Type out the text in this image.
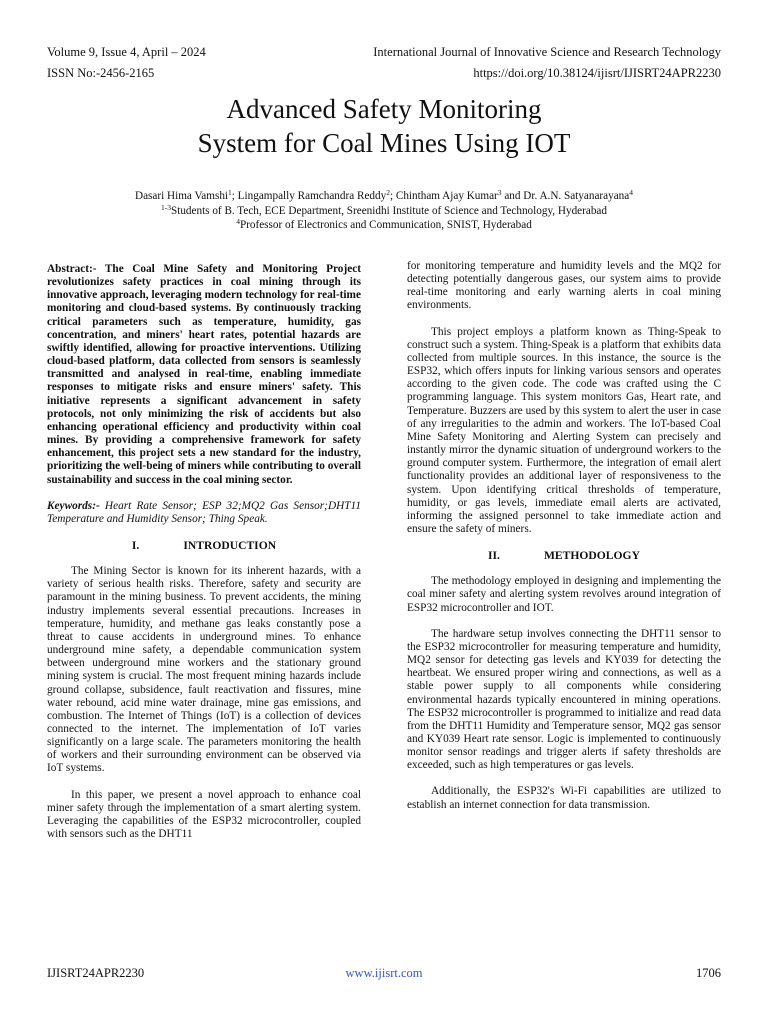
Volume 9, Issue 4, April – 2024	International Journal of Innovative Science and Research Technology
ISSN No:-2456-2165	https://doi.org/10.38124/ijisrt/IJISRT24APR2230
Advanced Safety Monitoring
System for Coal Mines Using IOT
Dasari Hima Vamshi$^1$; Lingampally Ramchandra Reddy$^2$; Chintham Ajay Kumar$^3$ and Dr. A.N. Satyanarayana$^4$
$^{1-3}$Students of B. Tech, ECE Department, Sreenidhi Institute of Science and Technology, Hyderabad
$^4$Professor of Electronics and Communication, SNIST, Hyderabad

Abstract:- The Coal Mine Safety and Monitoring Project revolutionizes safety practices in coal mining through its innovative approach, leveraging modern technology for real-time monitoring and cloud-based systems. By continuously tracking critical parameters such as temperature, humidity, gas concentration, and miners' heart rates, potential hazards are swiftly identified, allowing for proactive interventions. Utilizing cloud-based platform, data collected from sensors is seamlessly transmitted and analysed in real-time, enabling immediate responses to mitigate risks and ensure miners' safety. This initiative represents a significant advancement in safety protocols, not only minimizing the risk of accidents but also enhancing operational efficiency and productivity within coal mines. By providing a comprehensive framework for safety enhancement, this project sets a new standard for the industry, prioritizing the well-being of miners while contributing to overall sustainability and success in the coal mining sector.

Keywords:- Heart Rate Sensor; ESP 32;MQ2 Gas Sensor;DHT11 Temperature and Humidity Sensor; Thing Speak.

I.	INTRODUCTION

The Mining Sector is known for its inherent hazards, with a variety of serious health risks. Therefore, safety and security are paramount in the mining business. To prevent accidents, the mining industry implements several essential precautions. Increases in temperature, humidity, and methane gas leaks constantly pose a threat to cause accidents in underground mines. To enhance underground mine safety, a dependable communication system between underground mine workers and the stationary ground mining system is crucial. The most frequent mining hazards include ground collapse, subsidence, fault reactivation and fissures, mine water rebound, acid mine water drainage, mine gas emissions, and combustion. The Internet of Things (IoT) is a collection of devices connected to the internet. The implementation of IoT varies significantly on a large scale. The parameters monitoring the health of workers and their surrounding environment can be observed via IoT systems.

In this paper, we present a novel approach to enhance coal miner safety through the implementation of a smart alerting system. Leveraging the capabilities of the ESP32 microcontroller, coupled with sensors such as the DHT11

for monitoring temperature and humidity levels and the MQ2 for detecting potentially dangerous gases, our system aims to provide real-time monitoring and early warning alerts in coal mining environments.

This project employs a platform known as Thing-Speak to construct such a system. Thing-Speak is a platform that exhibits data collected from multiple sources. In this instance, the source is the ESP32, which offers inputs for linking various sensors and operates according to the given code. The code was crafted using the C programming language. This system monitors Gas, Heart rate, and Temperature. Buzzers are used by this system to alert the user in case of any irregularities to the admin and workers. The IoT-based Coal Mine Safety Monitoring and Alerting System can precisely and instantly mirror the dynamic situation of underground workers to the ground computer system. Furthermore, the integration of email alert functionality provides an additional layer of responsiveness to the system. Upon identifying critical thresholds of temperature, humidity, or gas levels, immediate email alerts are activated, informing the assigned personnel to take immediate action and ensure the safety of miners.

II.	METHODOLOGY

The methodology employed in designing and implementing the coal miner safety and alerting system revolves around integration of ESP32 microcontroller and IOT.

The hardware setup involves connecting the DHT11 sensor to the ESP32 microcontroller for measuring temperature and humidity, MQ2 sensor for detecting gas levels and KY039 for detecting the heartbeat. We ensured proper wiring and connections, as well as a stable power supply to all components while considering environmental hazards typically encountered in mining operations. The ESP32 microcontroller is programmed to initialize and read data from the DHT11 Humidity and Temperature sensor, MQ2 gas sensor and KY039 Heart rate sensor. Logic is implemented to continuously monitor sensor readings and trigger alerts if safety thresholds are exceeded, such as high temperatures or gas levels.

Additionally, the ESP32's Wi-Fi capabilities are utilized to establish an internet connection for data transmission.

IJISRT24APR2230	www.ijisrt.com	1706
